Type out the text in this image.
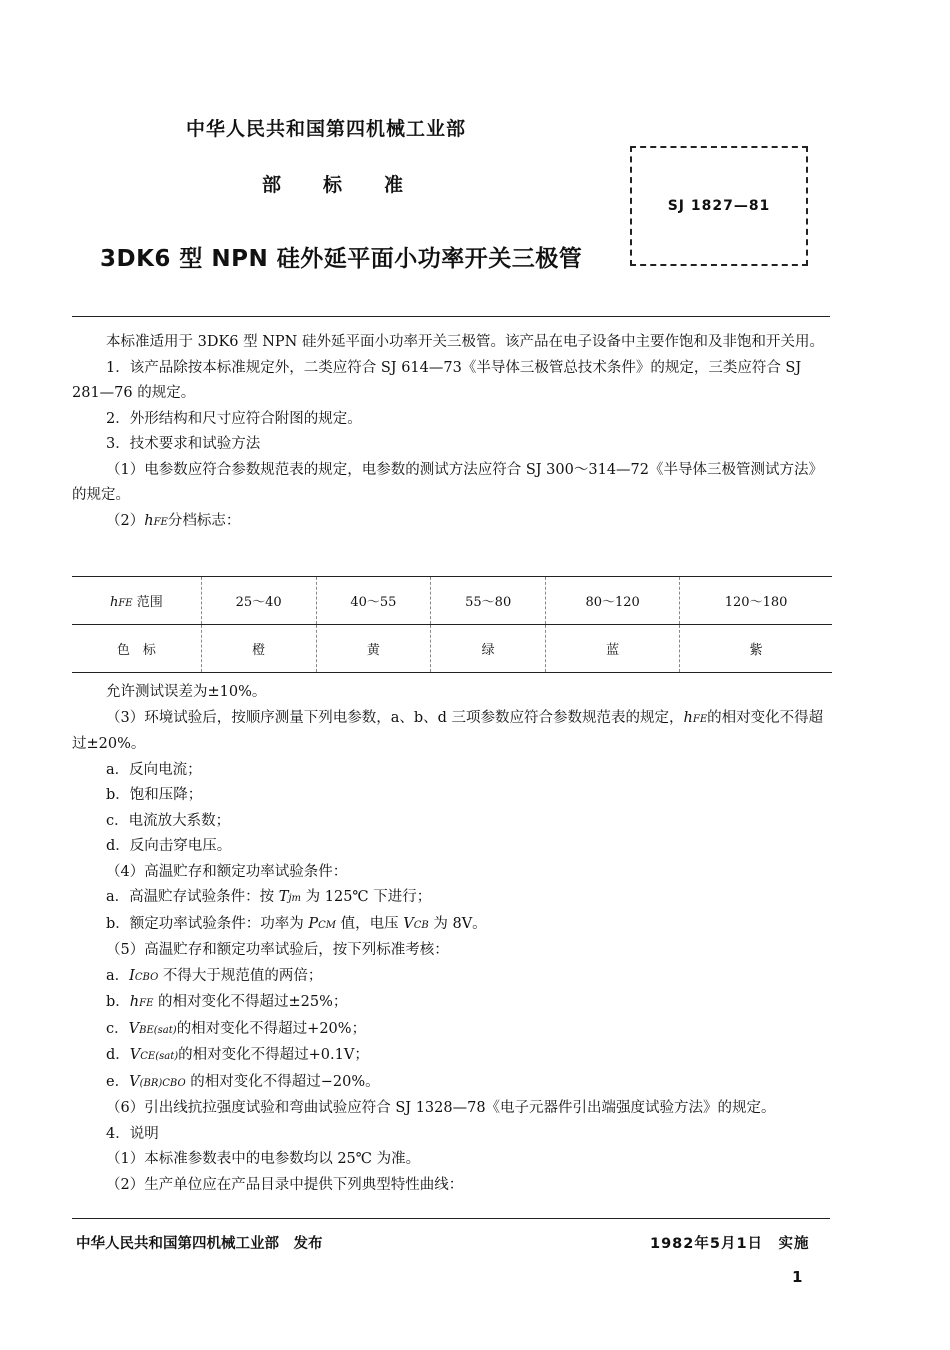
中华人民共和国第四机械工业部
部 标 准
SJ 1827—81
3DK6 型 NPN 硅外延平面小功率开关三极管

本标准适用于 3DK6 型 NPN 硅外延平面小功率开关三极管。该产品在电子设备中主要作饱和及非饱和开关用。

1．该产品除按本标准规定外，二类应符合 SJ 614—73《半导体三极管总技术条件》的规定，三类应符合 SJ 281—76 的规定。

2．外形结构和尺寸应符合附图的规定。

3．技术要求和试验方法

（1）电参数应符合参数规范表的规定，电参数的测试方法应符合 SJ 300～314—72《半导体三极管测试方法》的规定。

（2）hFE分档标志：

hFE 范围	25～40	40～55	55～80	80～120	120～180
色　标	橙	黄	绿	蓝	紫

允许测试误差为±10%。

（3）环境试验后，按顺序测量下列电参数，a、b、d 三项参数应符合参数规范表的规定，hFE的相对变化不得超过±20%。

a．反向电流；

b．饱和压降；

c．电流放大系数；

d．反向击穿电压。

（4）高温贮存和额定功率试验条件：

a．高温贮存试验条件：按 Tjm 为 125℃ 下进行；

b．额定功率试验条件：功率为 PCM 值，电压 VCB 为 8V。

（5）高温贮存和额定功率试验后，按下列标准考核：

a．ICBO 不得大于规范值的两倍；

b．hFE 的相对变化不得超过±25%；

c．VBE(sat)的相对变化不得超过+20%；

d．VCE(sat)的相对变化不得超过+0.1V；

e．V(BR)CBO 的相对变化不得超过−20%。

（6）引出线抗拉强度试验和弯曲试验应符合 SJ 1328—78《电子元器件引出端强度试验方法》的规定。

4．说明

（1）本标准参数表中的电参数均以 25℃ 为准。

（2）生产单位应在产品目录中提供下列典型特性曲线：

中华人民共和国第四机械工业部　发布	1982年5月1日　实施
1
